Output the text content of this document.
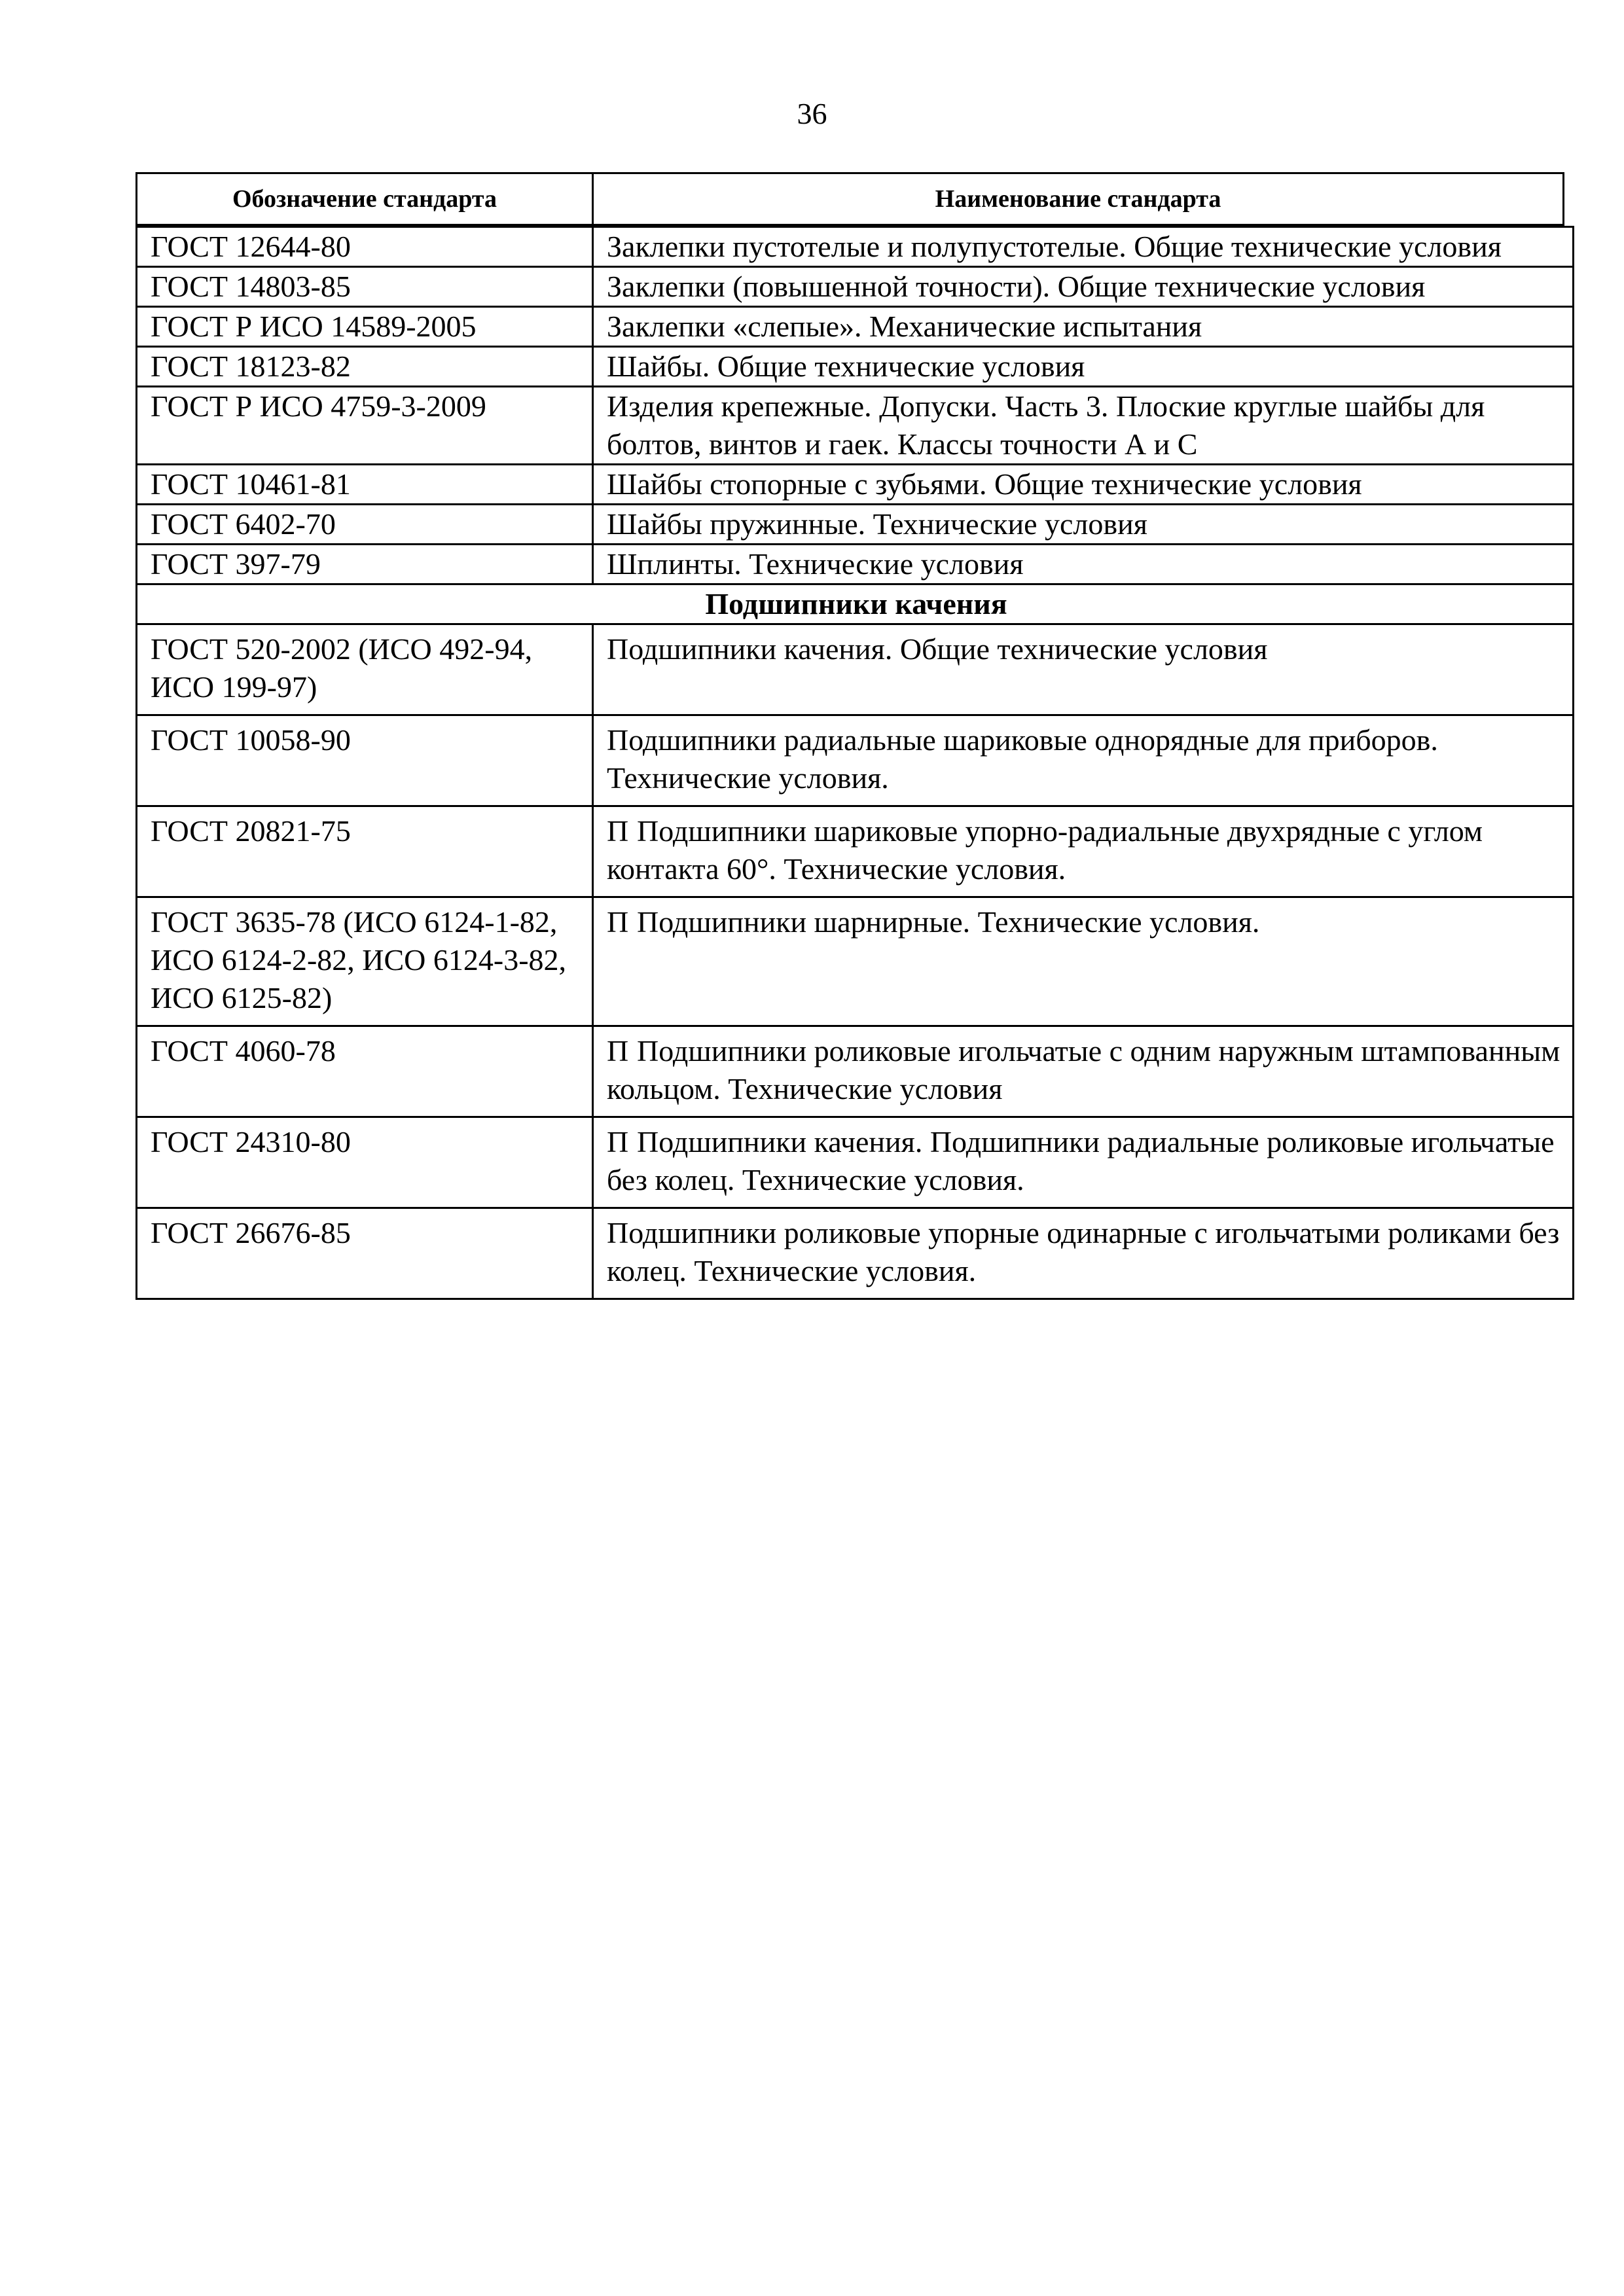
36
Обозначение стандарта	Наименование стандарта
ГОСТ 12644-80	Заклепки пустотелые и полупустотелые. Общие технические условия
ГОСТ 14803-85	Заклепки (повышенной точности). Общие технические условия
ГОСТ Р ИСО 14589-2005	Заклепки «слепые». Механические испытания
ГОСТ 18123-82	Шайбы. Общие технические условия
ГОСТ Р ИСО 4759-3-2009	Изделия крепежные. Допуски. Часть 3. Плоские круглые шайбы для болтов, винтов и гаек. Классы точности А и С
ГОСТ 10461-81	Шайбы стопорные с зубьями. Общие технические условия
ГОСТ 6402-70	Шайбы пружинные. Технические условия
ГОСТ 397-79	Шплинты. Технические условия
Подшипники качения	
ГОСТ 520-2002 (ИСО 492-94, ИСО 199-97)	Подшипники качения. Общие технические условия
ГОСТ 10058-90	Подшипники радиальные шариковые однорядные для приборов. Технические условия.
ГОСТ 20821-75	П Подшипники шариковые упорно-радиальные двухрядные с углом контакта 60°. Технические условия.
ГОСТ 3635-78 (ИСО 6124-1-82, ИСО 6124-2-82, ИСО 6124-3-82, ИСО 6125-82)	П Подшипники шарнирные. Технические условия.
ГОСТ 4060-78	П Подшипники роликовые игольчатые с одним наружным штампованным кольцом. Технические условия
ГОСТ 24310-80	П Подшипники качения. Подшипники радиальные роликовые игольчатые без колец. Технические условия.
ГОСТ 26676-85	Подшипники роликовые упорные одинарные с игольчатыми роликами без колец. Технические условия.
